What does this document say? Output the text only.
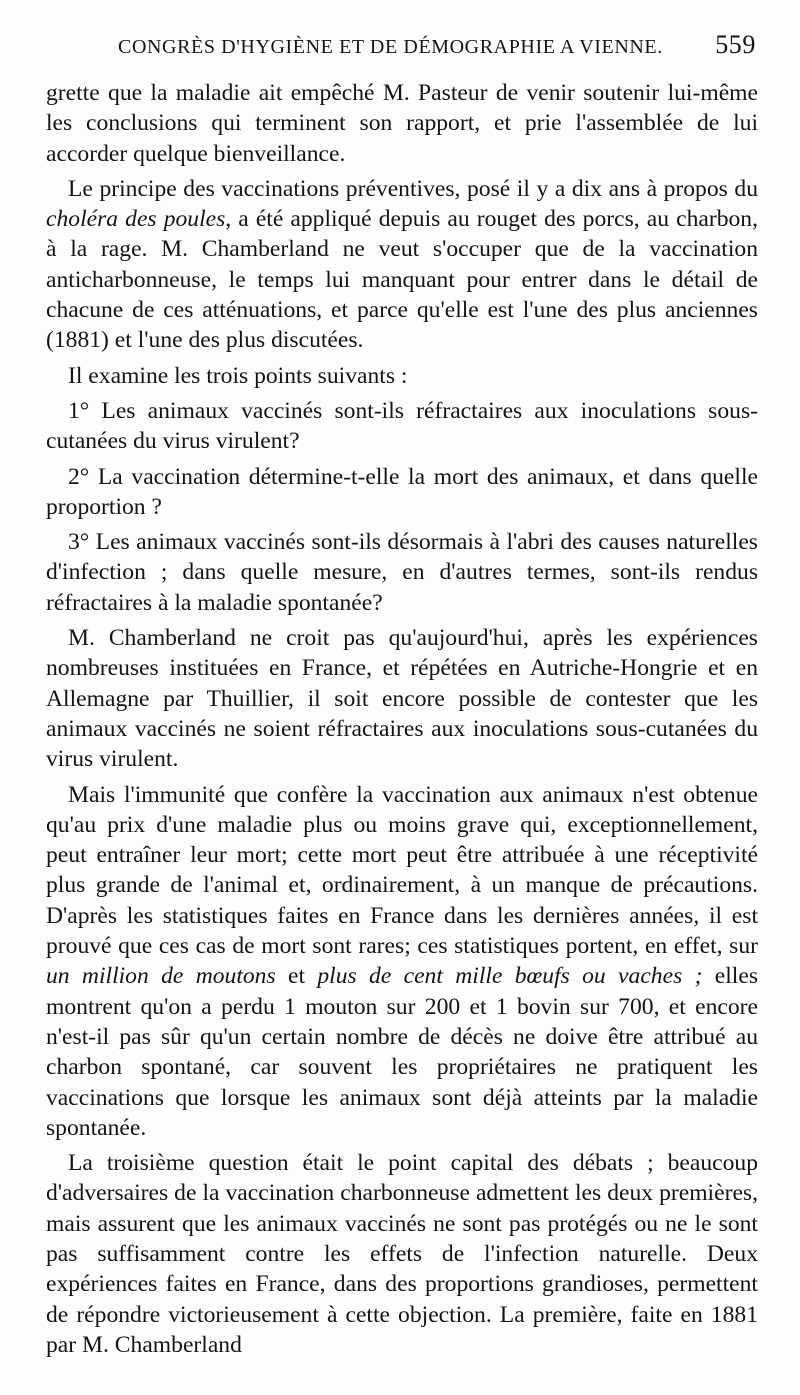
CONGRÈS D'HYGIÈNE ET DE DÉMOGRAPHIE A VIENNE. 559

grette que la maladie ait empêché M. Pasteur de venir soutenir lui-même les conclusions qui terminent son rapport, et prie l'assemblée de lui accorder quelque bienveillance.

Le principe des vaccinations préventives, posé il y a dix ans à propos du choléra des poules, a été appliqué depuis au rouget des porcs, au charbon, à la rage. M. Chamberland ne veut s'occuper que de la vaccination anticharbonneuse, le temps lui manquant pour entrer dans le détail de chacune de ces atténuations, et parce qu'elle est l'une des plus anciennes (1881) et l'une des plus discutées.

Il examine les trois points suivants :

1° Les animaux vaccinés sont-ils réfractaires aux inoculations sous-cutanées du virus virulent?

2° La vaccination détermine-t-elle la mort des animaux, et dans quelle proportion ?

3° Les animaux vaccinés sont-ils désormais à l'abri des causes naturelles d'infection ; dans quelle mesure, en d'autres termes, sont-ils rendus réfractaires à la maladie spontanée?

M. Chamberland ne croit pas qu'aujourd'hui, après les expériences nombreuses instituées en France, et répétées en Autriche-Hongrie et en Allemagne par Thuillier, il soit encore possible de contester que les animaux vaccinés ne soient réfractaires aux inoculations sous-cutanées du virus virulent.

Mais l'immunité que confère la vaccination aux animaux n'est obtenue qu'au prix d'une maladie plus ou moins grave qui, exceptionnellement, peut entraîner leur mort; cette mort peut être attribuée à une réceptivité plus grande de l'animal et, ordinairement, à un manque de précautions. D'après les statistiques faites en France dans les dernières années, il est prouvé que ces cas de mort sont rares; ces statistiques portent, en effet, sur un million de moutons et plus de cent mille bœufs ou vaches ; elles montrent qu'on a perdu 1 mouton sur 200 et 1 bovin sur 700, et encore n'est-il pas sûr qu'un certain nombre de décès ne doive être attribué au charbon spontané, car souvent les propriétaires ne pratiquent les vaccinations que lorsque les animaux sont déjà atteints par la maladie spontanée.

La troisième question était le point capital des débats ; beaucoup d'adversaires de la vaccination charbonneuse admettent les deux premières, mais assurent que les animaux vaccinés ne sont pas protégés ou ne le sont pas suffisamment contre les effets de l'infection naturelle. Deux expériences faites en France, dans des proportions grandioses, permettent de répondre victorieusement à cette objection. La première, faite en 1881 par M. Chamberland
